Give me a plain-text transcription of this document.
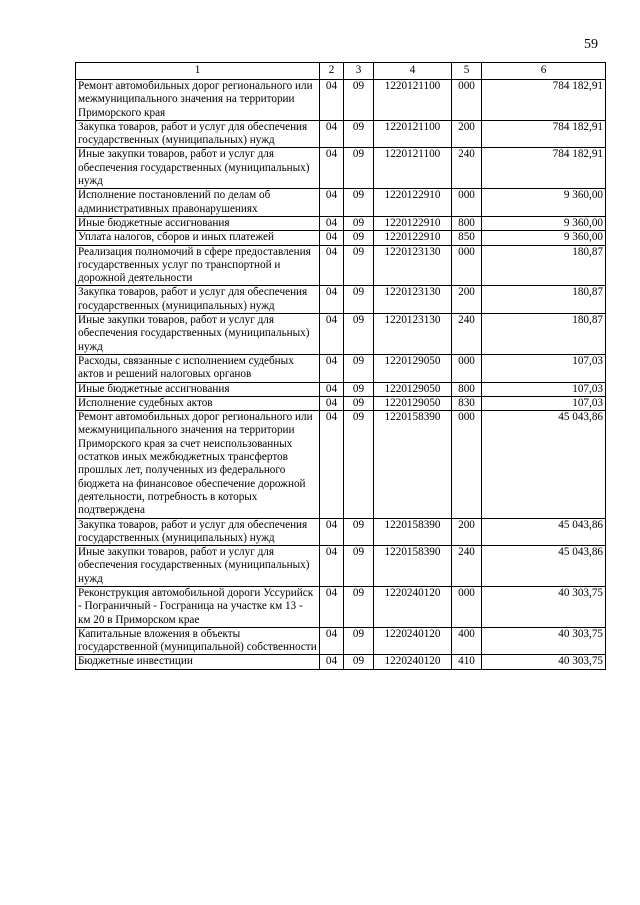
59
1	2	3	4	5	6
Ремонт автомобильных дорог регионального или межмуниципального значения на территории Приморского края	04	09	1220121100	000	784 182,91
Закупка товаров, работ и услуг для обеспечения государственных (муниципальных) нужд	04	09	1220121100	200	784 182,91
Иные закупки товаров, работ и услуг для обеспечения государственных (муниципальных) нужд	04	09	1220121100	240	784 182,91
Исполнение постановлений по делам об административных правонарушениях	04	09	1220122910	000	9 360,00
Иные бюджетные ассигнования	04	09	1220122910	800	9 360,00
Уплата налогов, сборов и иных платежей	04	09	1220122910	850	9 360,00
Реализация полномочий в сфере предоставления государственных услуг по транспортной и дорожной деятельности	04	09	1220123130	000	180,87
Закупка товаров, работ и услуг для обеспечения государственных (муниципальных) нужд	04	09	1220123130	200	180,87
Иные закупки товаров, работ и услуг для обеспечения государственных (муниципальных) нужд	04	09	1220123130	240	180,87
Расходы, связанные с исполнением судебных актов и решений налоговых органов	04	09	1220129050	000	107,03
Иные бюджетные ассигнования	04	09	1220129050	800	107,03
Исполнение судебных актов	04	09	1220129050	830	107,03
Ремонт автомобильных дорог регионального или межмуниципального значения на территории Приморского края за счет неиспользованных остатков иных межбюджетных трансфертов прошлых лет, полученных из федерального бюджета на финансовое обеспечение дорожной деятельности, потребность в которых подтверждена	04	09	1220158390	000	45 043,86
Закупка товаров, работ и услуг для обеспечения государственных (муниципальных) нужд	04	09	1220158390	200	45 043,86
Иные закупки товаров, работ и услуг для обеспечения государственных (муниципальных) нужд	04	09	1220158390	240	45 043,86
Реконструкция автомобильной дороги Уссурийск - Пограничный - Госграница на участке км 13 - км 20 в Приморском крае	04	09	1220240120	000	40 303,75
Капитальные вложения в объекты государственной (муниципальной) собственности	04	09	1220240120	400	40 303,75
Бюджетные инвестиции	04	09	1220240120	410	40 303,75
